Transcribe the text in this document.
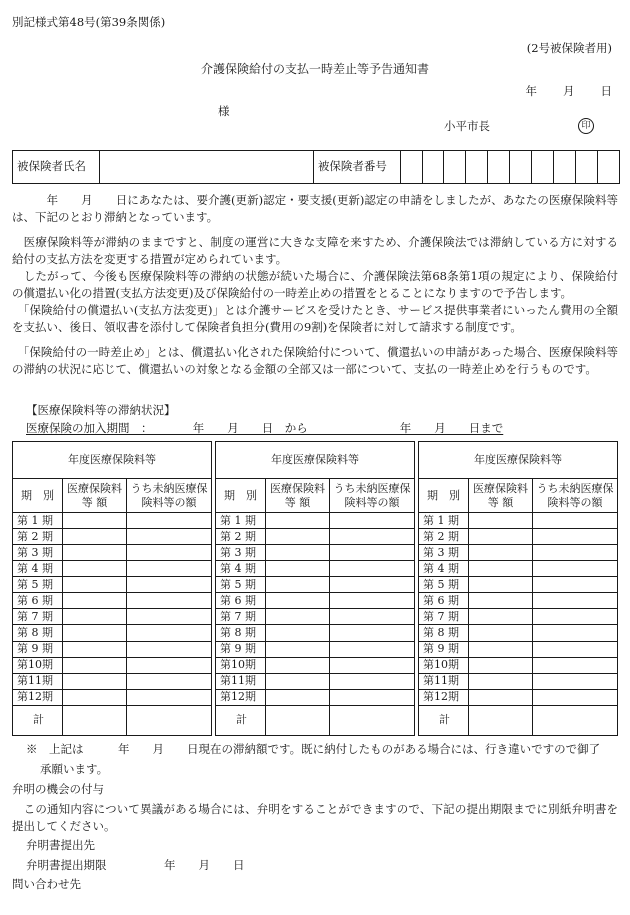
別記様式第48号(第39条関係)
(2号被保険者用)
介護保険給付の支払一時差止等予告通知書
年 月 日
様
小平市長	印
被保険者氏名		被保険者番号										
　　　年　　月　　日にあなたは、要介護(更新)認定・要支援(更新)認定の申請をしましたが、あなたの医療保険料等は、下記のとおり滞納となっています。
　医療保険料等が滞納のままですと、制度の運営に大きな支障を来すため、介護保険法では滞納している方に対する給付の支払方法を変更する措置が定められています。
　したがって、今後も医療保険料等の滞納の状態が続いた場合に、介護保険法第68条第1項の規定により、保険給付の償還払い化の措置(支払方法変更)及び保険給付の一時差止めの措置をとることになりますので予告します。
　「保険給付の償還払い(支払方法変更)」とは介護サービスを受けたとき、サービス提供事業者にいったん費用の全額を支払い、後日、領収書を添付して保険者負担分(費用の9割)を保険者に対して請求する制度です。
　「保険給付の一時差止め」とは、償還払い化された保険給付について、償還払いの申請があった場合、医療保険料等の滞納の状況に応じて、償還払いの対象となる金額の全部又は一部について、支払の一時差止めを行うものです。
【医療保険料等の滞納状況】
医療保険の加入期間　：　　　　年　　月　　日　から　　　　　　　　年　　月　　日まで
年度医療保険料等		
期　別	医療保険料 等 額	うち未納医療保険料等の額
第 1 期		
第 2 期		
第 3 期		
第 4 期		
第 5 期		
第 6 期		
第 7 期		
第 8 期		
第 9 期		
第10期		
第11期		
第12期		
計		
年度医療保険料等		
期　別	医療保険料 等 額	うち未納医療保険料等の額
第 1 期		
第 2 期		
第 3 期		
第 4 期		
第 5 期		
第 6 期		
第 7 期		
第 8 期		
第 9 期		
第10期		
第11期		
第12期		
計		
年度医療保険料等		
期　別	医療保険料 等 額	うち未納医療保険料等の額
第 1 期		
第 2 期		
第 3 期		
第 4 期		
第 5 期		
第 6 期		
第 7 期		
第 8 期		
第 9 期		
第10期		
第11期		
第12期		
計		
※　上記は　　　年　　月　　日現在の滞納額です。既に納付したものがある場合には、行き違いですので御了
承願います。
弁明の機会の付与
　この通知内容について異議がある場合には、弁明をすることができますので、下記の提出期限までに別紙弁明書を提出してください。
弁明書提出先
弁明書提出期限　　　　　年　　月　　日
問い合わせ先
